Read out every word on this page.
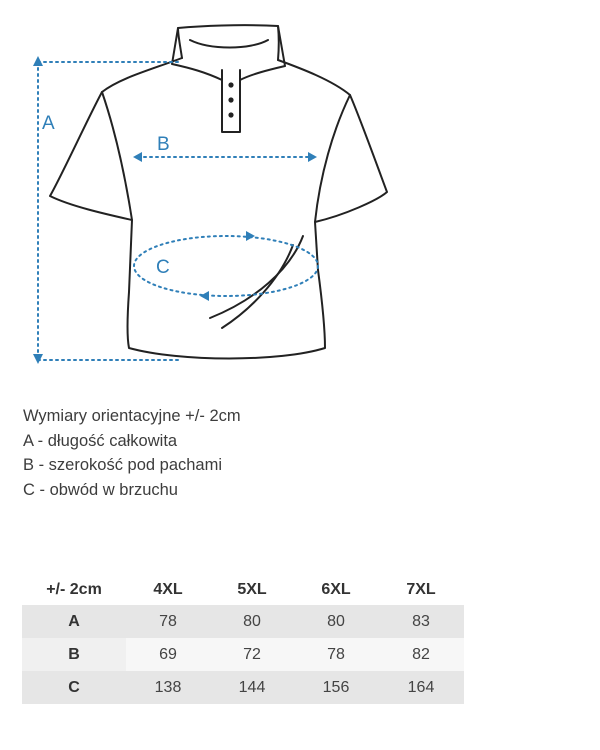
A
B
C
Wymiary orientacyjne +/- 2cm
A - długość całkowita
B - szerokość pod pachami
C - obwód w brzuchu
+/- 2cm	4XL	5XL	6XL	7XL
A	78	80	80	83
B	69	72	78	82
C	138	144	156	164
